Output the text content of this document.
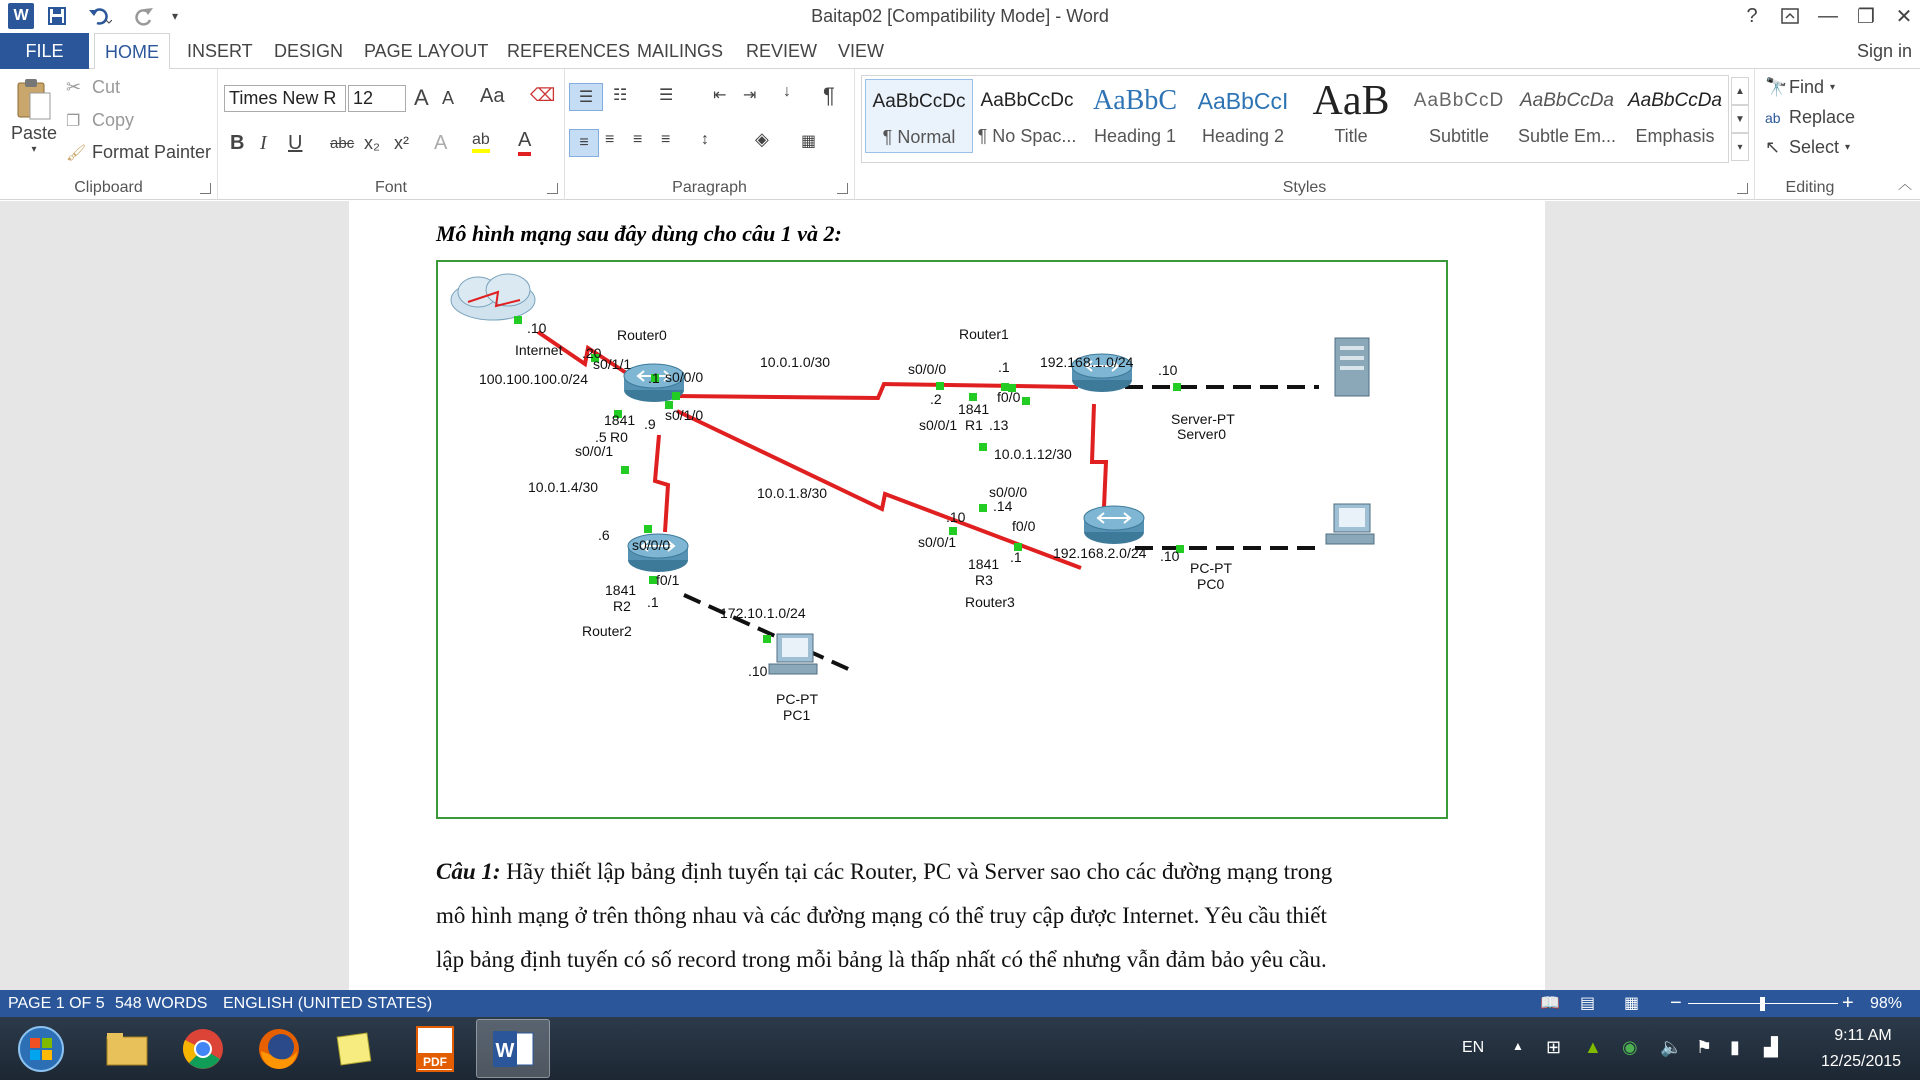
W	▾	Baitap02 [Compatibility Mode] - Word	?	— ❐	✕
FILE	HOME	INSERT	DESIGN	PAGE LAYOUT	REFERENCES MAILINGS	REVIEW	VIEW	Sign in
Paste
▾
✂ Cut
❐ Copy
🖌 Format Painter
Clipboard
Times New R 12	A A Aa ⌫
B I U abc x₂ x² A ab A
Font
☰	☷ ☰ ⇤ ⇥ ↓ ¶
≡	≡ ≡ ≡ ↕	◈ ▦
Paragraph
AaBbCcDc
¶ Normal
AaBbCcDc
¶ No Spac...
AaBbC
Heading 1
AaBbCcI
Heading 2
AaB
Title
AaBbCcD
Subtitle
AaBbCcDa
Subtle Em...
AaBbCcDa
Emphasis
▲
▼
▾
Styles
🔭 Find ▾
ab Replace
↖ Select ▾
Editing	︿
Mô hình mạng sau đây dùng cho câu 1 và 2:
Internet
.10	Router0
.20
s0/1/1
100.100.100.0/24	.1 s0/0/0
1841 .9
s0/1/0
.5 R0
s0/0/1
10.0.1.0/30
10.0.1.4/30	10.0.1.8/30
Router1
s0/0/0	.1 192.168.1.0/24 .10
.2	f0/0
1841
s0/0/1 R1 .13	Server-PT
Server0
10.0.1.12/30
s0/0/0
.14
.10
f0/0
s0/0/1
192.168.2.0/24
1841 .1	.10
PC-PT
R3	PC0
Router3
.6
s0/0/0
1841
f0/1
.1
R2	172.10.1.0/24
Router2
.10
PC-PT
PC1
Câu 1: Hãy thiết lập bảng định tuyến tại các Router, PC và Server sao cho các đường mạng trong
mô hình mạng ở trên thông nhau và các đường mạng có thể truy cập được Internet. Yêu cầu thiết
lập bảng định tuyến có số record trong mỗi bảng là thấp nhất có thể nhưng vẫn đảm bảo yêu cầu.
PAGE 1 OF 5 548 WORDS ENGLISH (UNITED STATES)	📖 ▤ ▦ −	+ 98%
PDF W	EN ▲ ⊞ ▲ ◉ 🔈 ⚑ ▮ ▟
9:11 AM
12/25/2015
